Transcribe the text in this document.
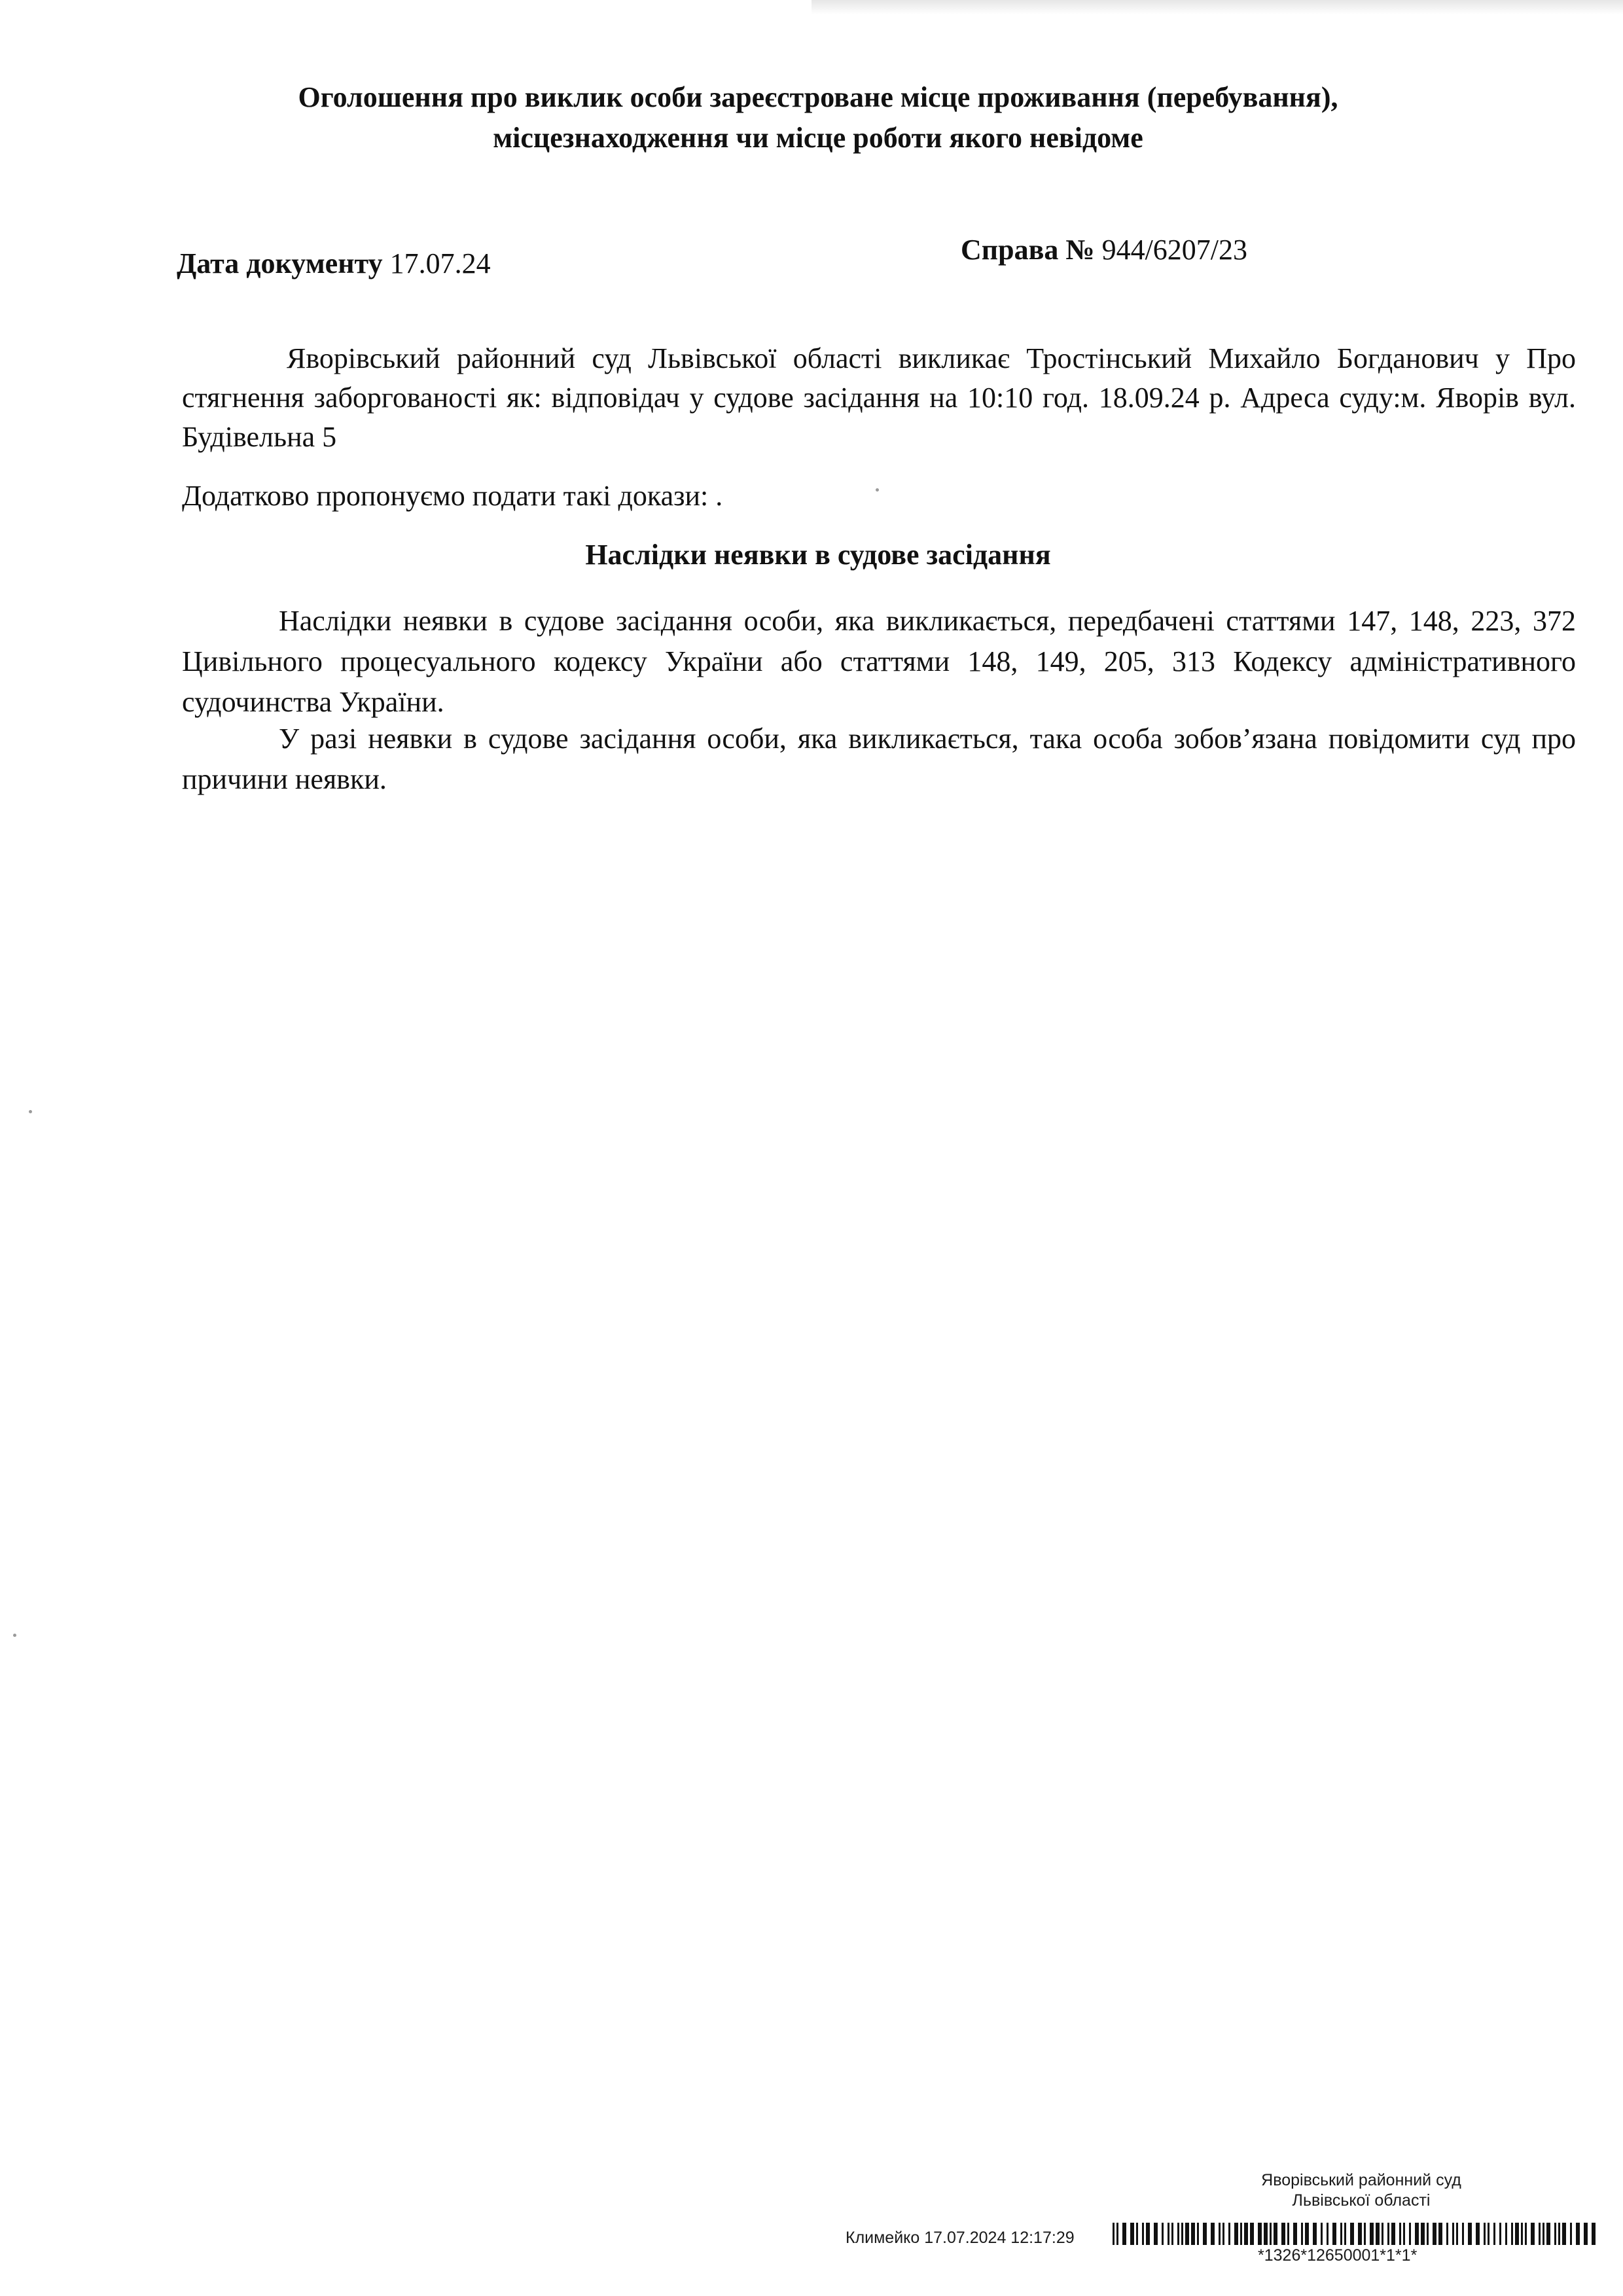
Оголошення про виклик особи зареєстроване місце проживання (перебування),
місцезнаходження чи місце роботи якого невідоме
Дата документу 17.07.24	Справа № 944/6207/23
Яворівський районний суд Львівської області викликає Тростінський Михайло Богданович у Про стягнення заборгованості як: відповідач у судове засідання на 10:10 год. 18.09.24 р. Адреса суду:м. Яворів вул. Будівельна 5
Додатково пропонуємо подати такі докази: .
Наслідки неявки в судове засідання
Наслідки неявки в судове засідання особи, яка викликається, передбачені статтями 147, 148, 223, 372 Цивільного процесуального кодексу України або статтями 148, 149, 205, 313 Кодексу адміністративного судочинства України.
У разі неявки в судове засідання особи, яка викликається, така особа зобов’язана повідомити суд про причини неявки.
Яворівський районний суд
Львівської області
Климейко 17.07.2024 12:17:29
*1326*12650001*1*1*
